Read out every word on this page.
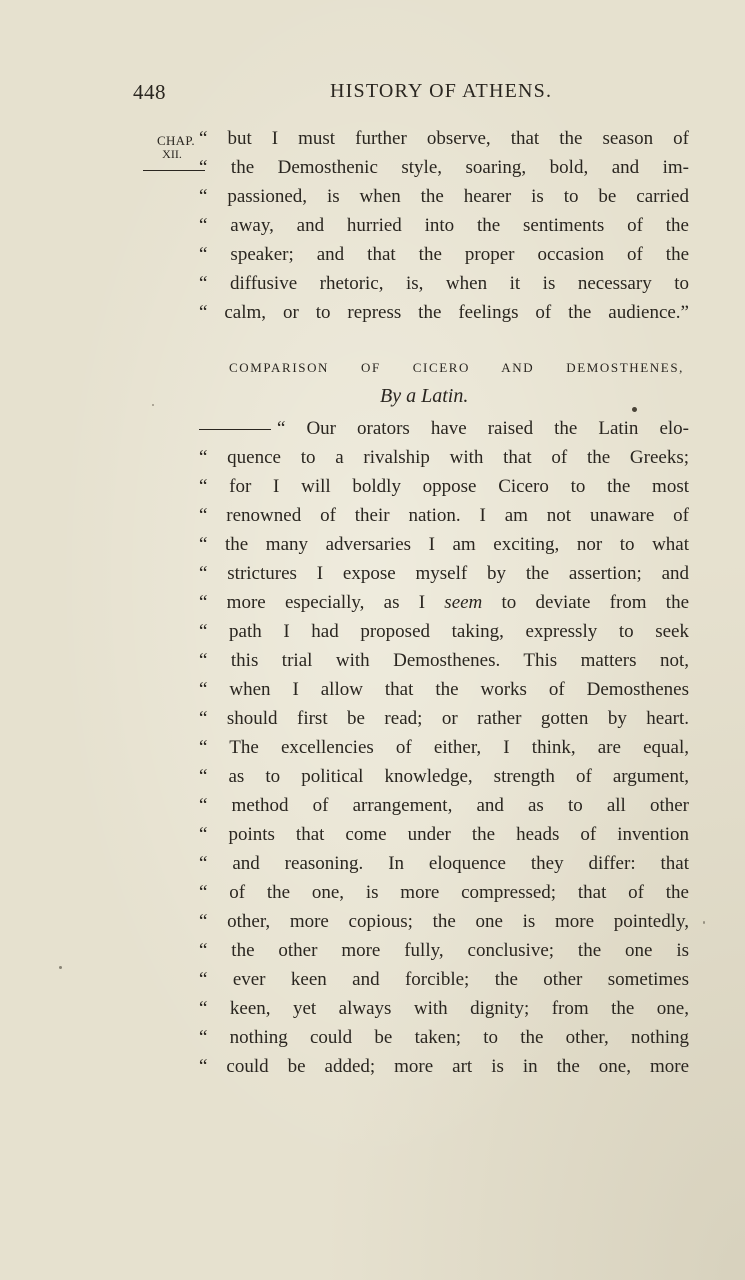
448	HISTORY OF ATHENS.
CHAP.
XII.
“ but I must further observe, that the season of
“ the Demosthenic style, soaring, bold, and im-
“ passioned, is when the hearer is to be carried
“ away, and hurried into the sentiments of the
“ speaker; and that the proper occasion of the
“ diffusive rhetoric, is, when it is necessary to
“ calm, or to repress the feelings of the audience.”
COMPARISON OF CICERO AND DEMOSTHENES,
By a Latin.
“ Our orators have raised the Latin elo-
“ quence to a rivalship with that of the Greeks;
“ for I will boldly oppose Cicero to the most
“ renowned of their nation. I am not unaware of
“ the many adversaries I am exciting, nor to what
“ strictures I expose myself by the assertion; and
“ more especially, as I seem to deviate from the
“ path I had proposed taking, expressly to seek
“ this trial with Demosthenes. This matters not,
“ when I allow that the works of Demosthenes
“ should first be read; or rather gotten by heart.
“ The excellencies of either, I think, are equal,
“ as to political knowledge, strength of argument,
“ method of arrangement, and as to all other
“ points that come under the heads of invention
“ and reasoning. In eloquence they differ: that
“ of the one, is more compressed; that of the
“ other, more copious; the one is more pointedly,
“ the other more fully, conclusive; the one is
“ ever keen and forcible; the other sometimes
“ keen, yet always with dignity; from the one,
“ nothing could be taken; to the other, nothing
“ could be added; more art is in the one, more
